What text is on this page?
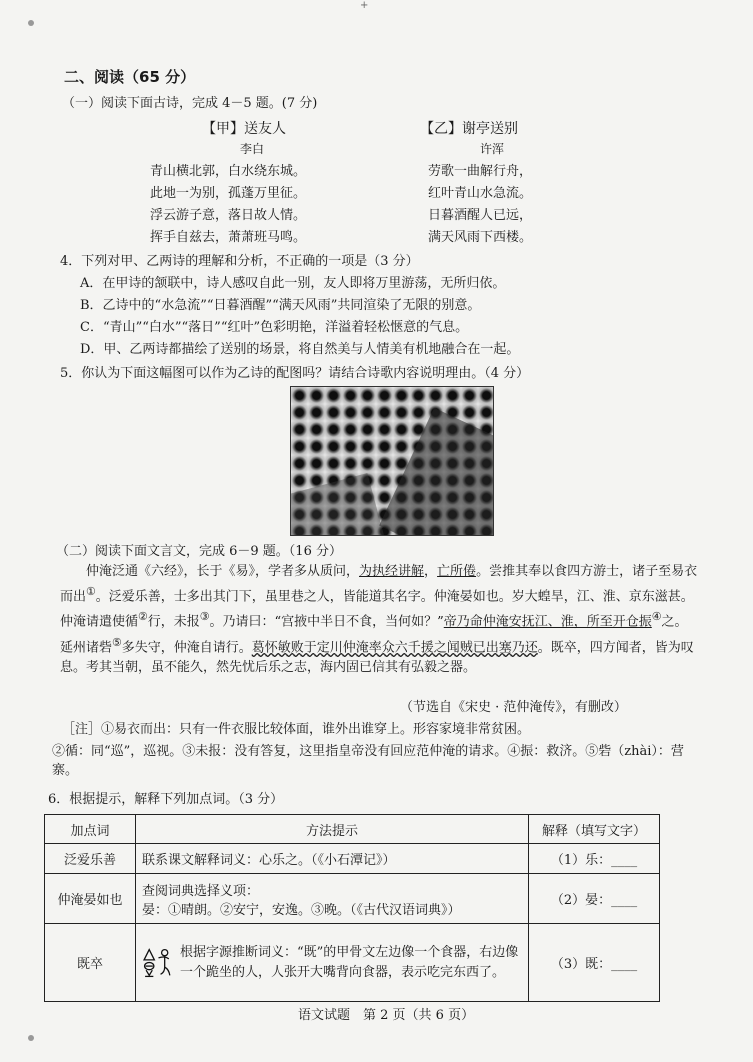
+
二、阅读（65 分）
（一）阅读下面古诗，完成 4－5 题。(7 分)
【甲】送友人
李白
青山横北郭，白水绕东城。
此地一为别，孤蓬万里征。
浮云游子意，落日故人情。
挥手自兹去，萧萧班马鸣。
【乙】谢亭送别
许浑
劳歌一曲解行舟，
红叶青山水急流。
日暮酒醒人已远，
满天风雨下西楼。
4．下列对甲、乙两诗的理解和分析，不正确的一项是（3 分）
A．在甲诗的颔联中，诗人感叹自此一别，友人即将万里游荡，无所归依。
B．乙诗中的“水急流”“日暮酒醒”“满天风雨”共同渲染了无限的别意。
C．“青山”“白水”“落日”“红叶”色彩明艳，洋溢着轻松惬意的气息。
D．甲、乙两诗都描绘了送别的场景，将自然美与人情美有机地融合在一起。
5．你认为下面这幅图可以作为乙诗的配图吗？请结合诗歌内容说明理由。（4 分）
（二）阅读下面文言文，完成 6－9 题。（16 分）
仲淹泛通《六经》，长于《易》，学者多从质问，为执经讲解，亡所倦。尝推其奉以食四方游士，诸子至易衣而出①。泛爱乐善，士多出其门下，虽里巷之人，皆能道其名字。仲淹晏如也。岁大蝗旱，江、淮、京东滋甚。仲淹请遣使循②行，未报③。乃请曰：“宫掖中半日不食，当何如？”帝乃命仲淹安抚江、淮，所至开仓振④之。延州诸砦⑤多失守，仲淹自请行。葛怀敏败于定川仲淹率众六千援之闻贼已出塞乃还。既卒，四方闻者，皆为叹息。考其当朝，虽不能久，然先忧后乐之志，海内固已信其有弘毅之器。
（节选自《宋史 · 范仲淹传》，有删改）
［注］①易衣而出：只有一件衣服比较体面，谁外出谁穿上。形容家境非常贫困。
②循：同“巡”，巡视。③未报：没有答复，这里指皇帝没有回应范仲淹的请求。④振：救济。⑤砦（zhài）：营寨。
6．根据提示，解释下列加点词。（3 分）
加点词	方法提示	解释（填写文字）
泛爱乐善	联系课文解释词义：心乐之。（《小石潭记》）	（1）乐：____
仲淹晏如也	查阅词典选择义项：
晏：①晴朗。②安宁，安逸。③晚。（《古代汉语词典》）	（2）晏：____
既卒	根据字源推断词义：“既”的甲骨文左边像一个食器，右边像一个跪坐的人，人张开大嘴背向食器，表示吃完东西了。	（3）既：____
语文试题　第 2 页（共 6 页）
